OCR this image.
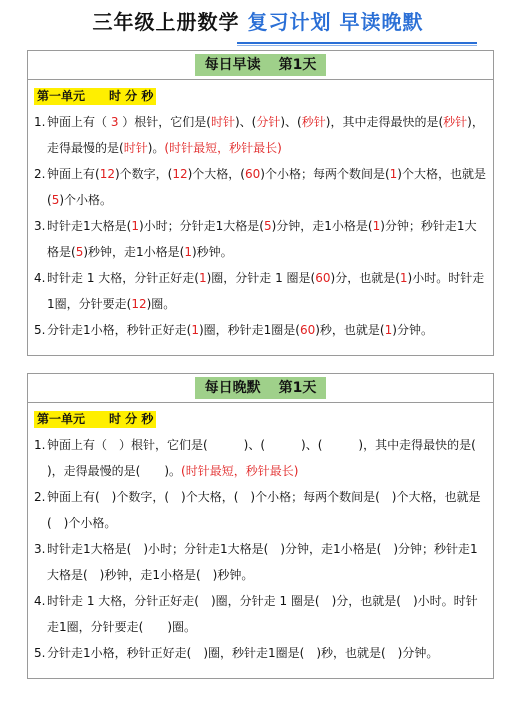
三年级上册数学 复习计划 早读晚默
每日早读 第1天
第一单元　　时 分 秒
1. 钟面上有（ 3 ）根针，它们是(时针)、(分针)、(秒针)，其中走得最快的是(秒针)，走得最慢的是(时针)。(时针最短，秒针最长)
2. 钟面上有(12)个数字，(12)个大格，(60)个小格；每两个数间是(1)个大格，也就是(5)个小格。
3. 时针走1大格是(1)小时；分针走1大格是(5)分钟，走1小格是(1)分钟；秒针走1大格是(5)秒钟，走1小格是(1)秒钟。
4. 时针走 1 大格，分针正好走(1)圈，分针走 1 圈是(60)分，也就是(1)小时。时针走1圈，分针要走(12)圈。
5. 分针走1小格，秒针正好走(1)圈，秒针走1圈是(60)秒，也就是(1)分钟。
每日晚默 第1天
第一单元　　时 分 秒
1. 钟面上有（　）根针，它们是(　　　)、(　　　)、(　　　)，其中走得最快的是(　　)，走得最慢的是(　　)。(时针最短，秒针最长)
2. 钟面上有(　)个数字，(　)个大格，(　)个小格；每两个数间是(　)个大格，也就是(　)个小格。
3. 时针走1大格是(　)小时；分针走1大格是(　)分钟，走1小格是(　)分钟；秒针走1大格是(　)秒钟，走1小格是(　)秒钟。
4. 时针走 1 大格，分针正好走(　)圈，分针走 1 圈是(　)分，也就是(　)小时。时针走1圈，分针要走(　　)圈。
5. 分针走1小格，秒针正好走(　)圈，秒针走1圈是(　)秒，也就是(　)分钟。
